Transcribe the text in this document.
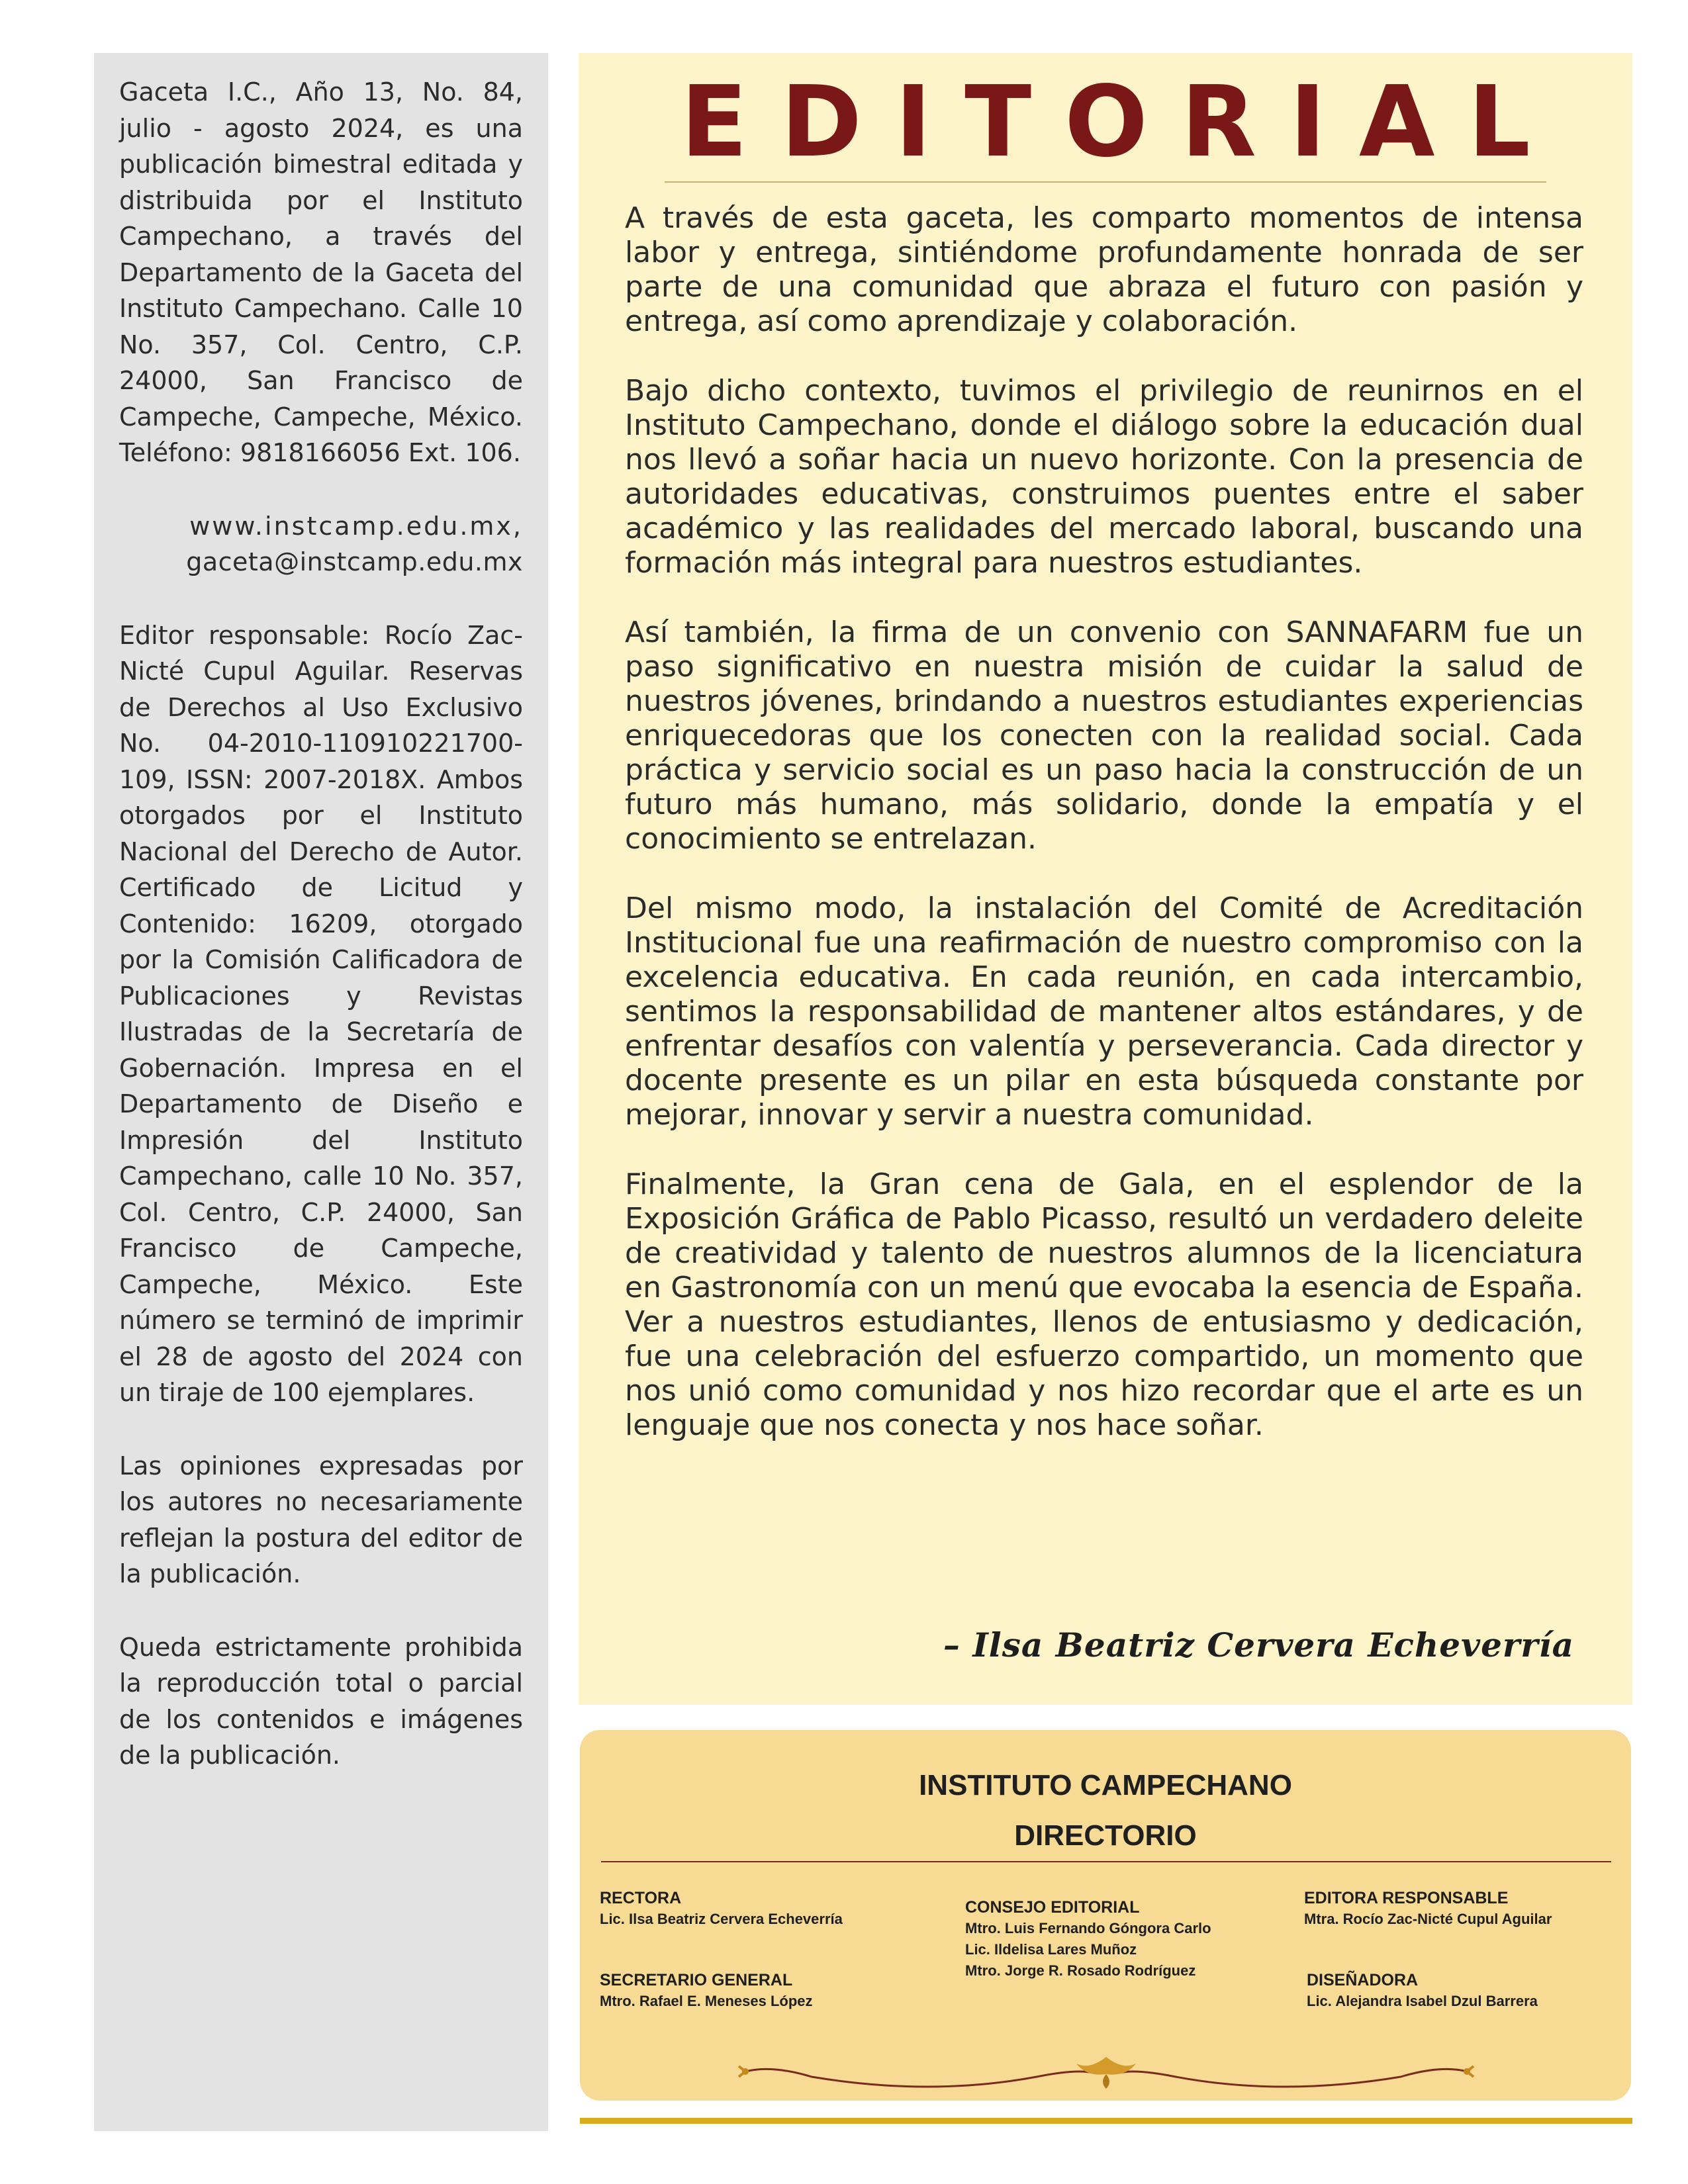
Gaceta I.C., Año 13, No. 84, julio - agosto 2024, es una publicación bimestral editada y distribuida por el Instituto Campechano, a través del Departamento de la Gaceta del Instituto Campechano. Calle 10 No. 357, Col. Centro, C.P. 24000, San Francisco de Campeche, Campeche, México. Teléfono: 9818166056 Ext. 106.

www.instcamp.edu.mx,
gaceta@instcamp.edu.mx

Editor responsable: Rocío Zac-Nicté Cupul Aguilar. Reservas de Derechos al Uso Exclusivo No. 04-2010-110910221700-109, ISSN: 2007-2018X. Ambos otorgados por el Instituto Nacional del Derecho de Autor. Certificado de Licitud y Contenido: 16209, otorgado por la Comisión Calificadora de Publicaciones y Revistas Ilustradas de la Secretaría de Gobernación. Impresa en el Departamento de Diseño e Impresión del Instituto Campechano, calle 10 No. 357, Col. Centro, C.P. 24000, San Francisco de Campeche, Campeche, México. Este número se terminó de imprimir el 28 de agosto del 2024 con un tiraje de 100 ejemplares.

Las opiniones expresadas por los autores no necesariamente reflejan la postura del editor de la publicación.

Queda estrictamente prohibida la reproducción total o parcial de los contenidos e imágenes de la publicación.

EDITORIAL

A través de esta gaceta, les comparto momentos de intensa labor y entrega, sintiéndome profundamente honrada de ser parte de una comunidad que abraza el futuro con pasión y entrega, así como aprendizaje y colaboración.

Bajo dicho contexto, tuvimos el privilegio de reunirnos en el Instituto Campechano, donde el diálogo sobre la educación dual nos llevó a soñar hacia un nuevo horizonte. Con la presencia de autoridades educativas, construimos puentes entre el saber académico y las realidades del mercado laboral, buscando una formación más integral para nuestros estudiantes.

Así también, la firma de un convenio con SANNAFARM fue un paso significativo en nuestra misión de cuidar la salud de nuestros jóvenes, brindando a nuestros estudiantes experiencias enriquecedoras que los conecten con la realidad social. Cada práctica y servicio social es un paso hacia la construcción de un futuro más humano, más solidario, donde la empatía y el conocimiento se entrelazan.

Del mismo modo, la instalación del Comité de Acreditación Institucional fue una reafirmación de nuestro compromiso con la excelencia educativa. En cada reunión, en cada intercambio, sentimos la responsabilidad de mantener altos estándares, y de enfrentar desafíos con valentía y perseverancia. Cada director y docente presente es un pilar en esta búsqueda constante por mejorar, innovar y servir a nuestra comunidad.

Finalmente, la Gran cena de Gala, en el esplendor de la Exposición Gráfica de Pablo Picasso, resultó un verdadero deleite de creatividad y talento de nuestros alumnos de la licenciatura en Gastronomía con un menú que evocaba la esencia de España. Ver a nuestros estudiantes, llenos de entusiasmo y dedicación, fue una celebración del esfuerzo compartido, un momento que nos unió como comunidad y nos hizo recordar que el arte es un lenguaje que nos conecta y nos hace soñar.

– Ilsa Beatriz Cervera Echeverría
INSTITUTO CAMPECHANO
DIRECTORIO
RECTORA
Lic. Ilsa Beatriz Cervera Echeverría
SECRETARIO GENERAL
Mtro. Rafael E. Meneses López
CONSEJO EDITORIAL
Mtro. Luis Fernando Góngora Carlo
Lic. Ildelisa Lares Muñoz
Mtro. Jorge R. Rosado Rodríguez
EDITORA RESPONSABLE
Mtra. Rocío Zac-Nicté Cupul Aguilar
DISEÑADORA
Lic. Alejandra Isabel Dzul Barrera
